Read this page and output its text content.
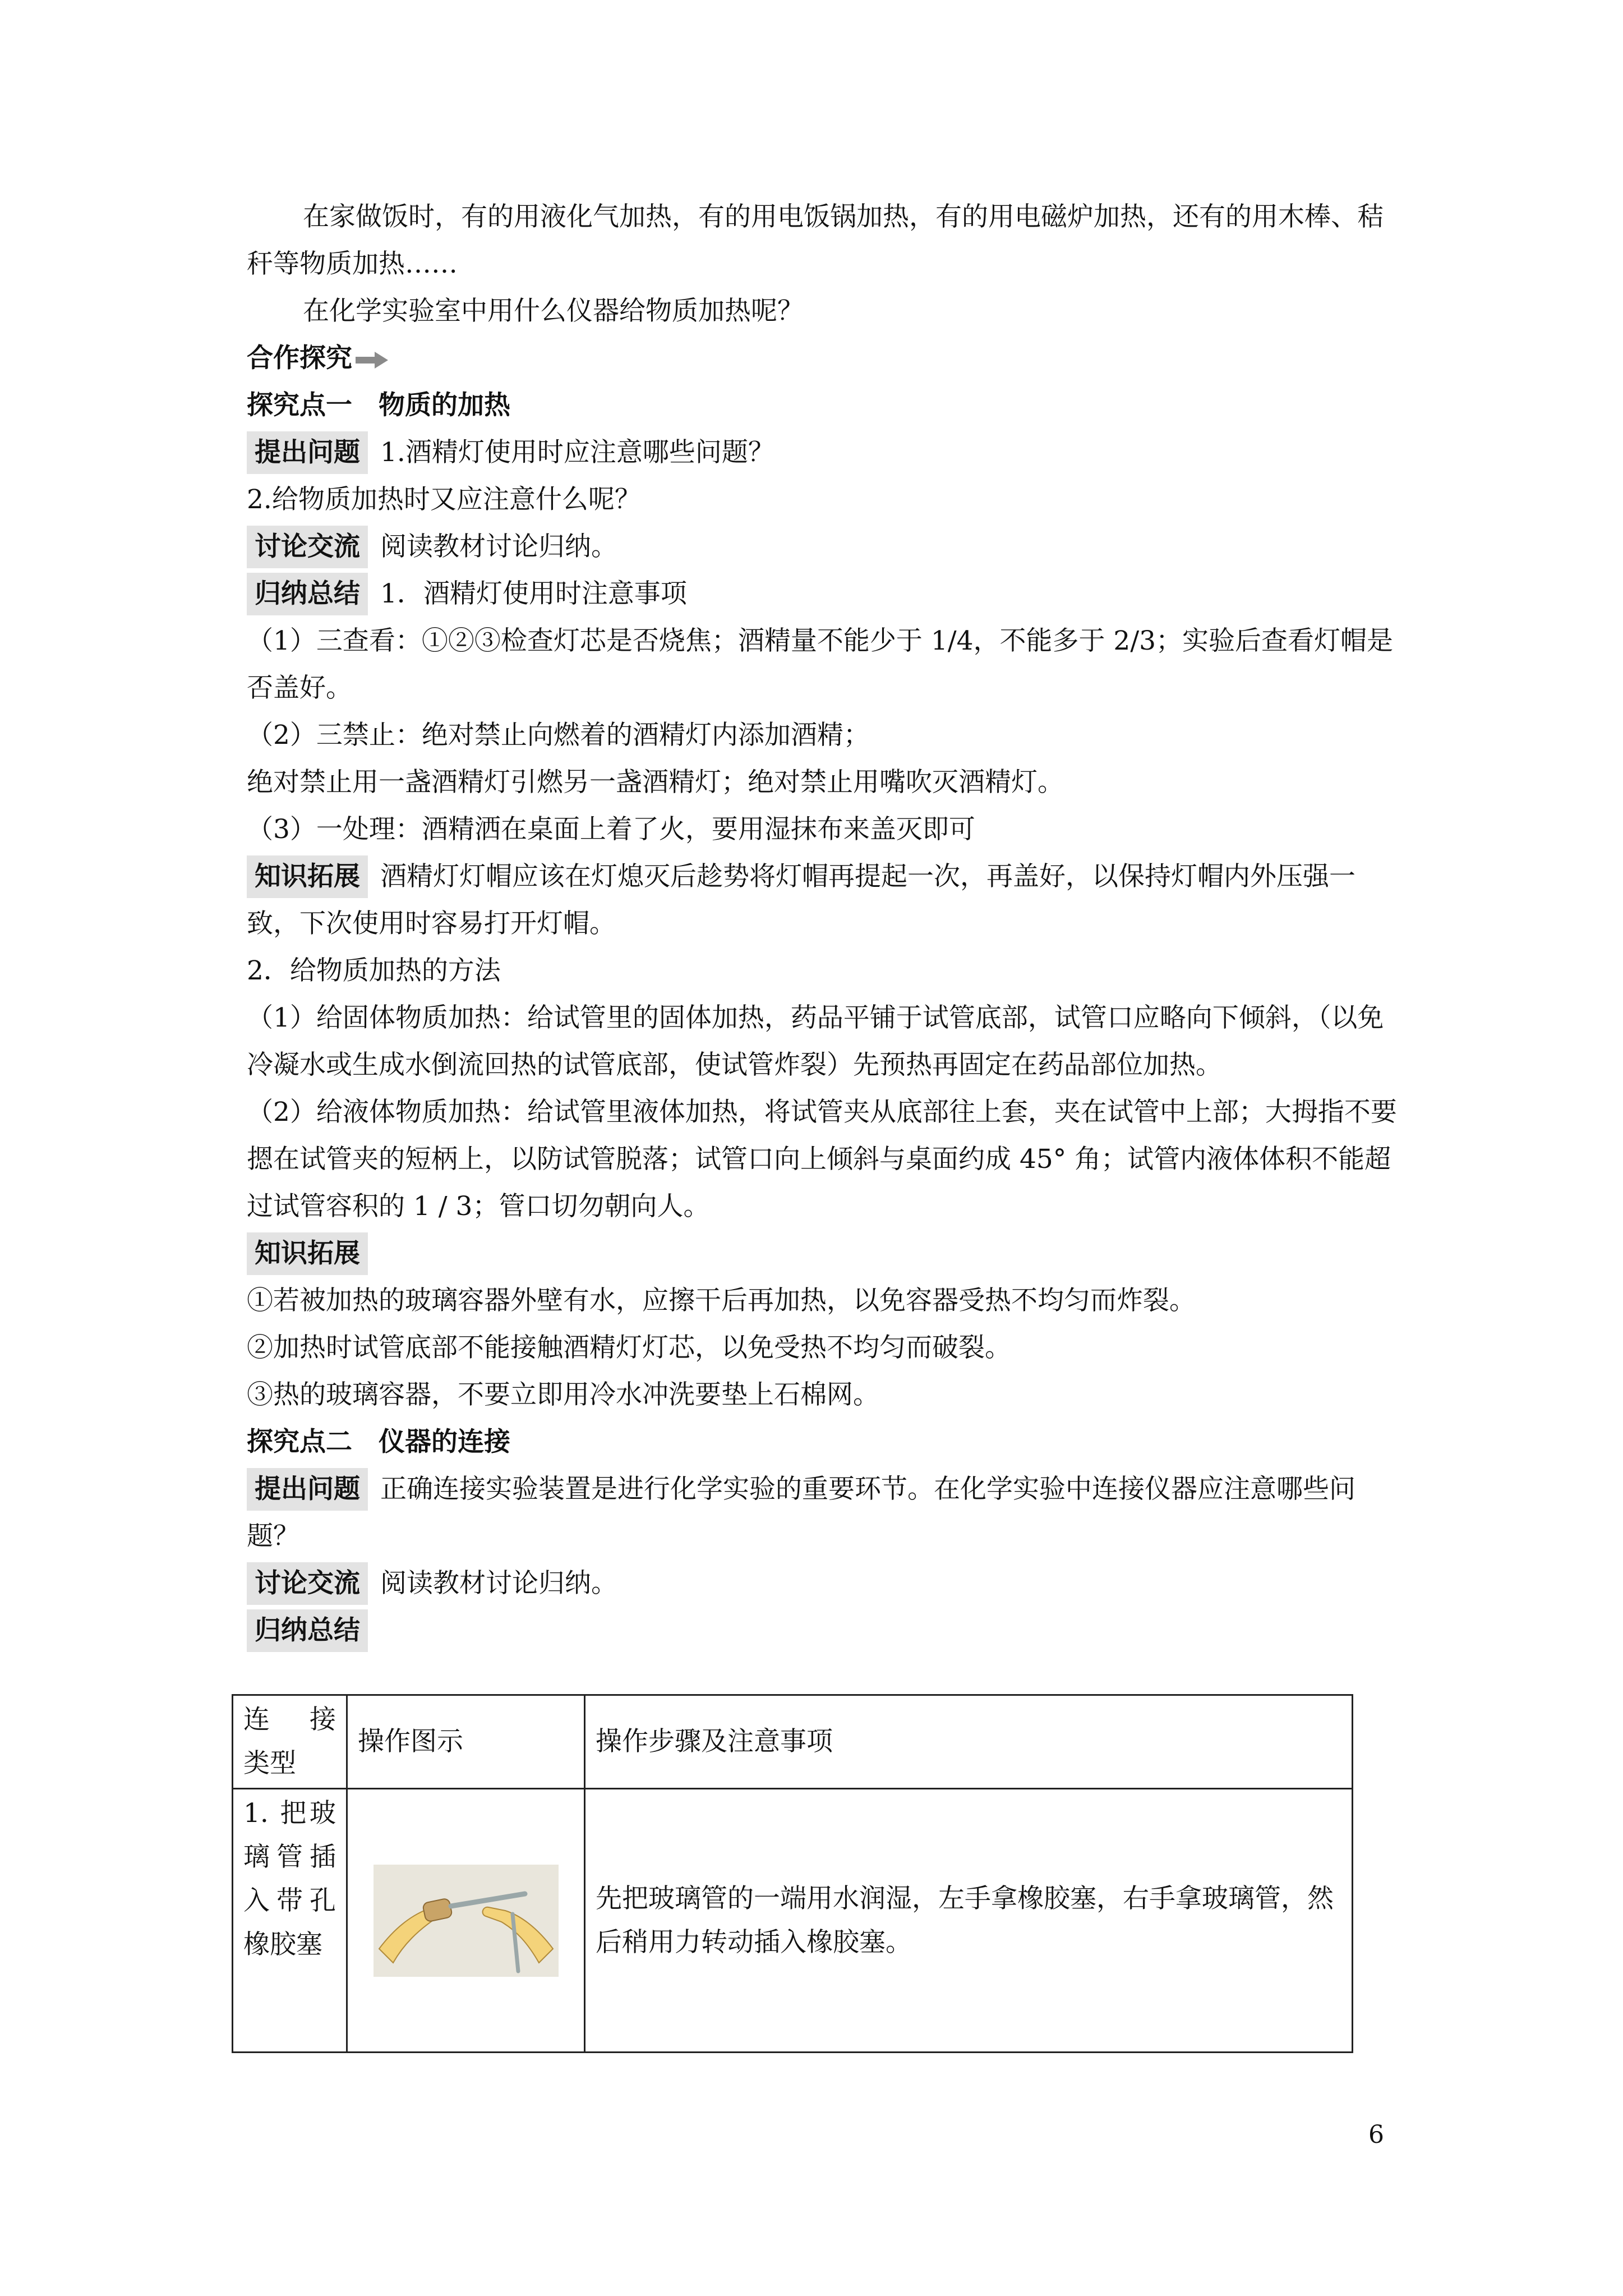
在家做饭时，有的用液化气加热，有的用电饭锅加热，有的用电磁炉加热，还有的用木棒、秸秆等物质加热……

在化学实验室中用什么仪器给物质加热呢？

合作探究

探究点一　物质的加热

提出问题 1.酒精灯使用时应注意哪些问题？

2.给物质加热时又应注意什么呢？

讨论交流 阅读教材讨论归纳。

归纳总结 1．酒精灯使用时注意事项

（1）三查看：①②③检查灯芯是否烧焦；酒精量不能少于 1/4，不能多于 2/3；实验后查看灯帽是否盖好。

（2）三禁止：绝对禁止向燃着的酒精灯内添加酒精；

绝对禁止用一盏酒精灯引燃另一盏酒精灯；绝对禁止用嘴吹灭酒精灯。

（3）一处理：酒精洒在桌面上着了火，要用湿抹布来盖灭即可

知识拓展 酒精灯灯帽应该在灯熄灭后趁势将灯帽再提起一次，再盖好，以保持灯帽内外压强一致，下次使用时容易打开灯帽。

2．给物质加热的方法

（1）给固体物质加热：给试管里的固体加热，药品平铺于试管底部，试管口应略向下倾斜，（以免冷凝水或生成水倒流回热的试管底部，使试管炸裂）先预热再固定在药品部位加热。

（2）给液体物质加热：给试管里液体加热，将试管夹从底部往上套，夹在试管中上部；大拇指不要摁在试管夹的短柄上，以防试管脱落；试管口向上倾斜与桌面约成 45° 角；试管内液体体积不能超过试管容积的 1 / 3；管口切勿朝向人。

知识拓展

①若被加热的玻璃容器外壁有水，应擦干后再加热，以免容器受热不均匀而炸裂。

②加热时试管底部不能接触酒精灯灯芯，以免受热不均匀而破裂。

③热的玻璃容器，不要立即用冷水冲洗要垫上石棉网。

探究点二　仪器的连接

提出问题 正确连接实验装置是进行化学实验的重要环节。在化学实验中连接仪器应注意哪些问题？

讨论交流 阅读教材讨论归纳。

归纳总结

连 接 类型	操作图示	操作步骤及注意事项
1. 把玻璃管插入带孔橡胶塞		先把玻璃管的一端用水润湿，左手拿橡胶塞，右手拿玻璃管，然后稍用力转动插入橡胶塞。
6
